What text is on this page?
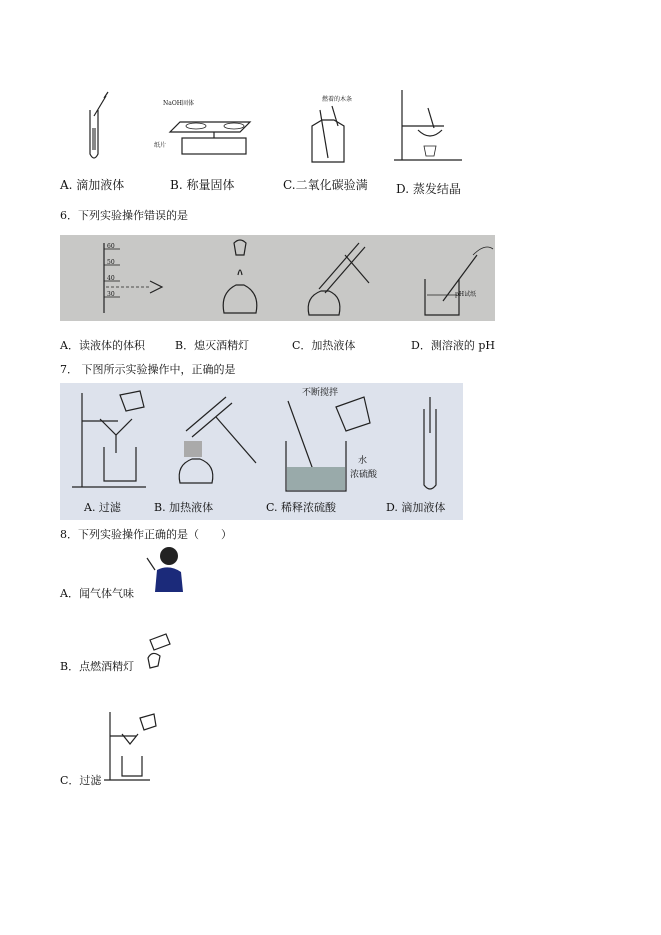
NaOH固体
纸片
燃着的木条
A. 滴加液体	B. 称量固体	C.二氧化碳验满 D. 蒸发结晶
6．下列实验操作错误的是
60
50
40
30	pH试纸
A．读液体的体积	B．熄灭酒精灯	C．加热液体	D．测溶液的 pH
7． 下图所示实验操作中，正确的是
不断搅拌
水
浓硫酸
A. 过滤	B. 加热液体	C. 稀释浓硫酸	D. 滴加液体
8．下列实验操作正确的是（　　）
A．闻气体气味
B．点燃酒精灯
C．过滤
